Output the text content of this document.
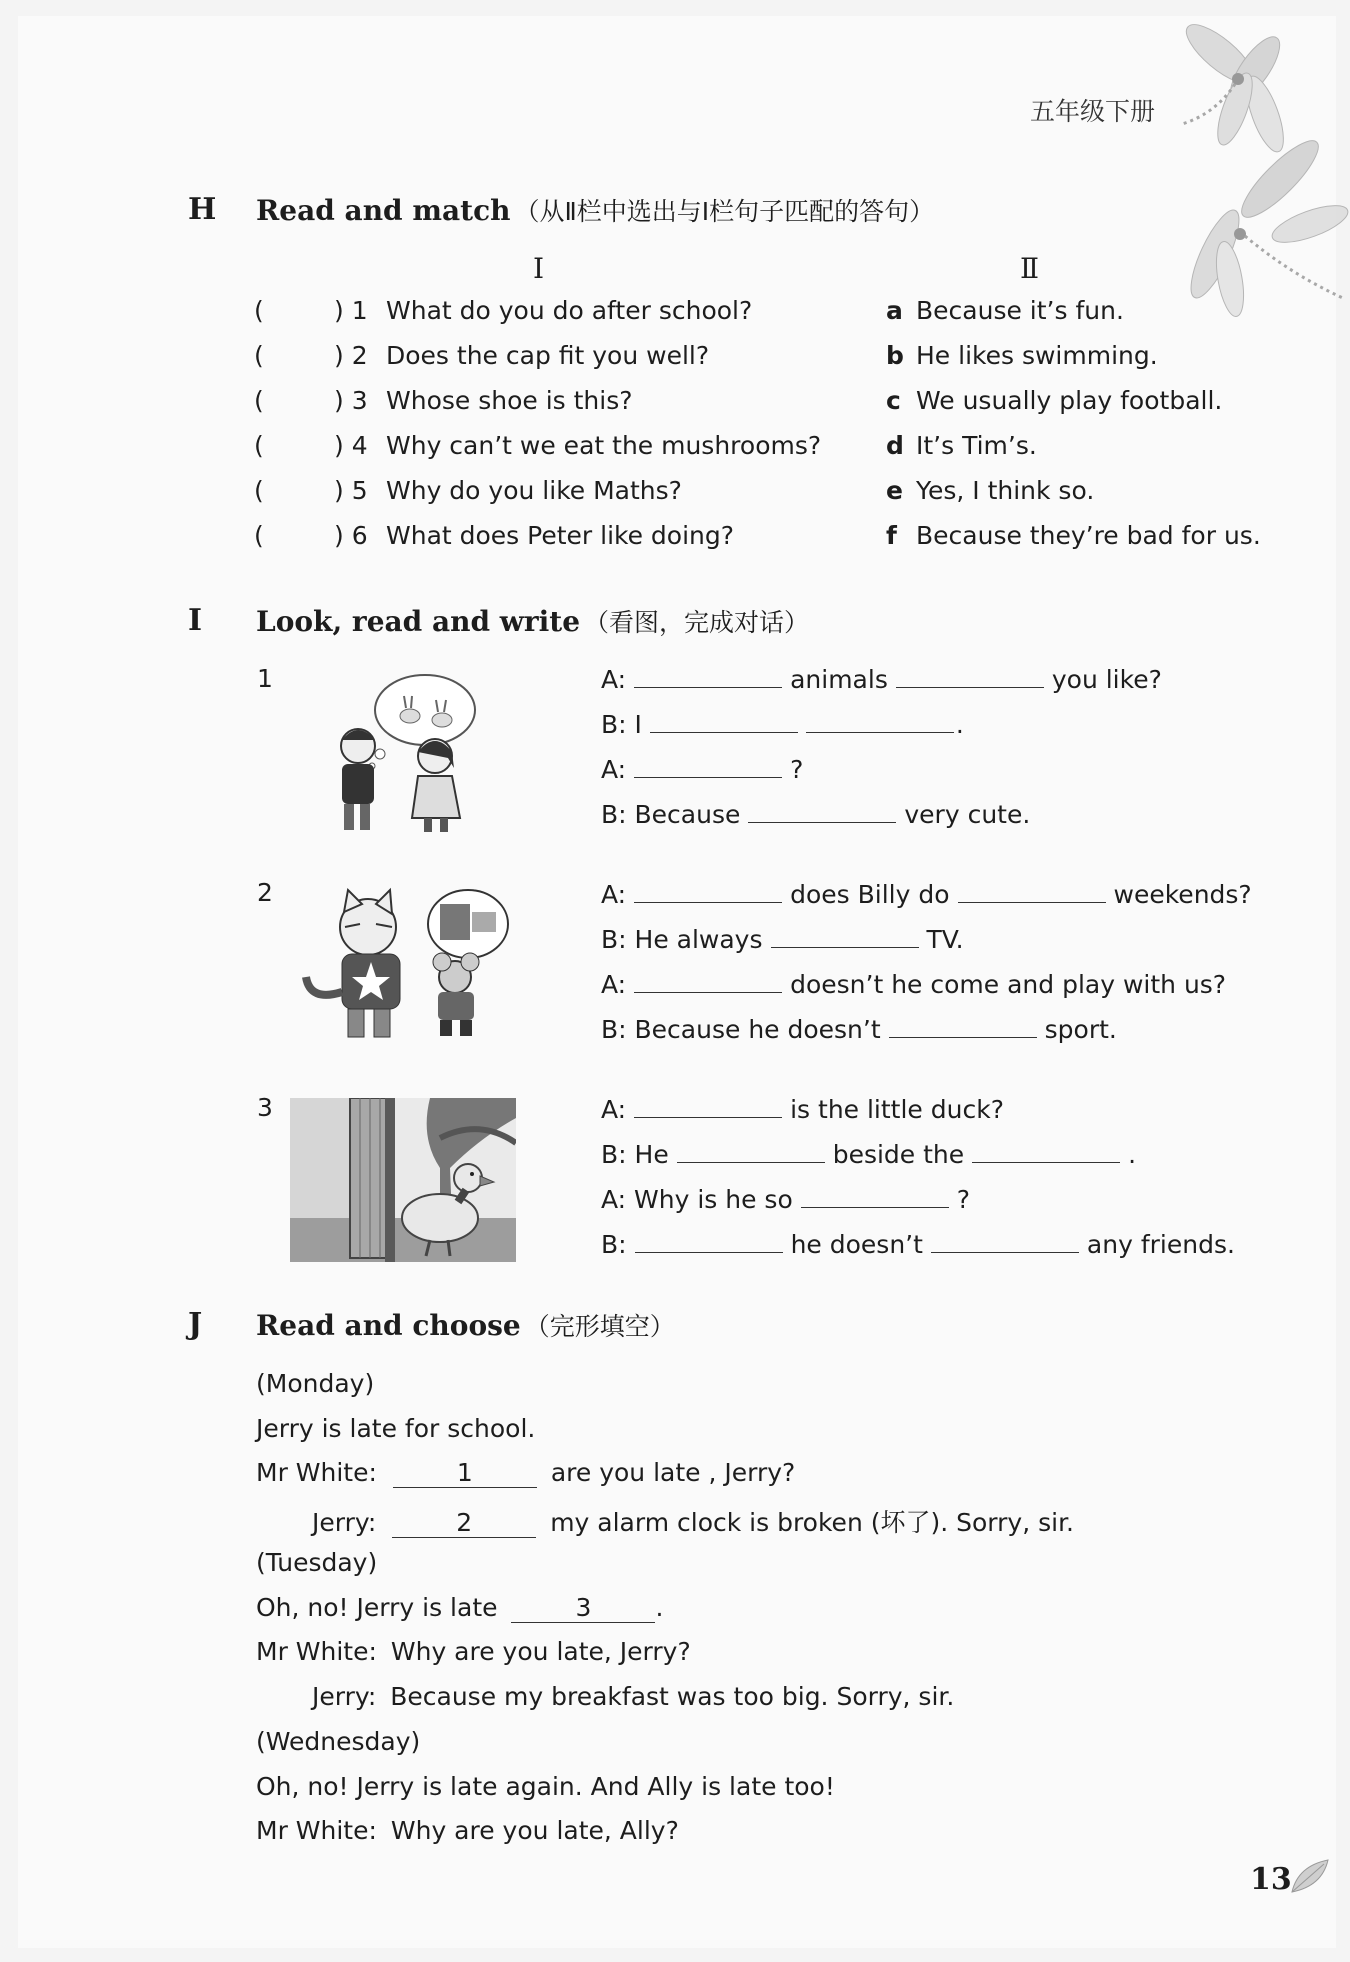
五年级下册
H Read and match （从Ⅱ栏中选出与Ⅰ栏句子匹配的答句）
Ⅰ	Ⅱ
(	) 1 What do you do after school?	a Because it’s fun.
(	) 2 Does the cap fit you well?	b He likes swimming.
(	) 3 Whose shoe is this?	c We usually play football.
(	) 4 Why can’t we eat the mushrooms?	d It’s Tim’s.
(	) 5 Why do you like Maths?	e Yes, I think so.
(	) 6 What does Peter like doing?	f Because they’re bad for us.
I Look, read and write （看图，完成对话）
1
2
3
A:	animals	you like?
B: I	.
A:	?
B: Because	very cute.
A:	does Billy do	weekends?
B: He always	TV.
A:	doesn’t he come and play with us?
B: Because he doesn’t	sport.
A:	is the little duck?
B: He	beside the	.
A: Why is he so	?
B:	he doesn’t	any friends.
J Read and choose （完形填空）
(Monday)
Jerry is late for school.
Mr White:	1	are you late , Jerry?
Jerry:	2	my alarm clock is broken (坏了). Sorry, sir.
(Tuesday)
Oh, no! Jerry is late	3	.
Mr White: Why are you late, Jerry?
Jerry: Because my breakfast was too big. Sorry, sir.
(Wednesday)
Oh, no! Jerry is late again. And Ally is late too!
Mr White: Why are you late, Ally?
13
